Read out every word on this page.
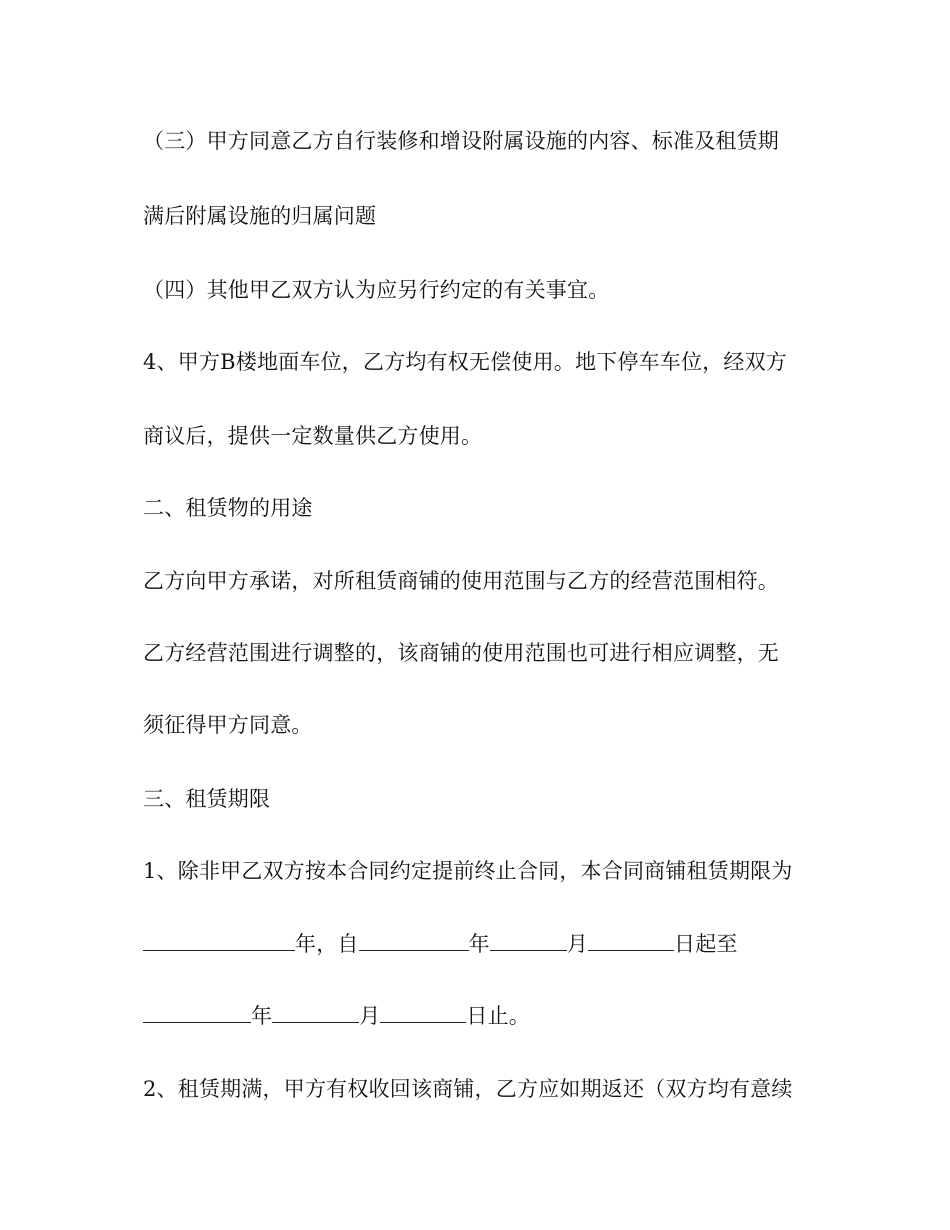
（三）甲方同意乙方自行装修和增设附属设施的内容、标准及租赁期
满后附属设施的归属问题
（四）其他甲乙双方认为应另行约定的有关事宜。
4、甲方B楼地面车位，乙方均有权无偿使用。地下停车车位，经双方
商议后，提供一定数量供乙方使用。
二、租赁物的用途
乙方向甲方承诺，对所租赁商铺的使用范围与乙方的经营范围相符。
乙方经营范围进行调整的，该商铺的使用范围也可进行相应调整，无
须征得甲方同意。
三、租赁期限
1、除非甲乙双方按本合同约定提前终止合同，本合同商铺租赁期限为
年，自	年	月	日起至
年	月	日止。
2、租赁期满，甲方有权收回该商铺，乙方应如期返还（双方均有意续
